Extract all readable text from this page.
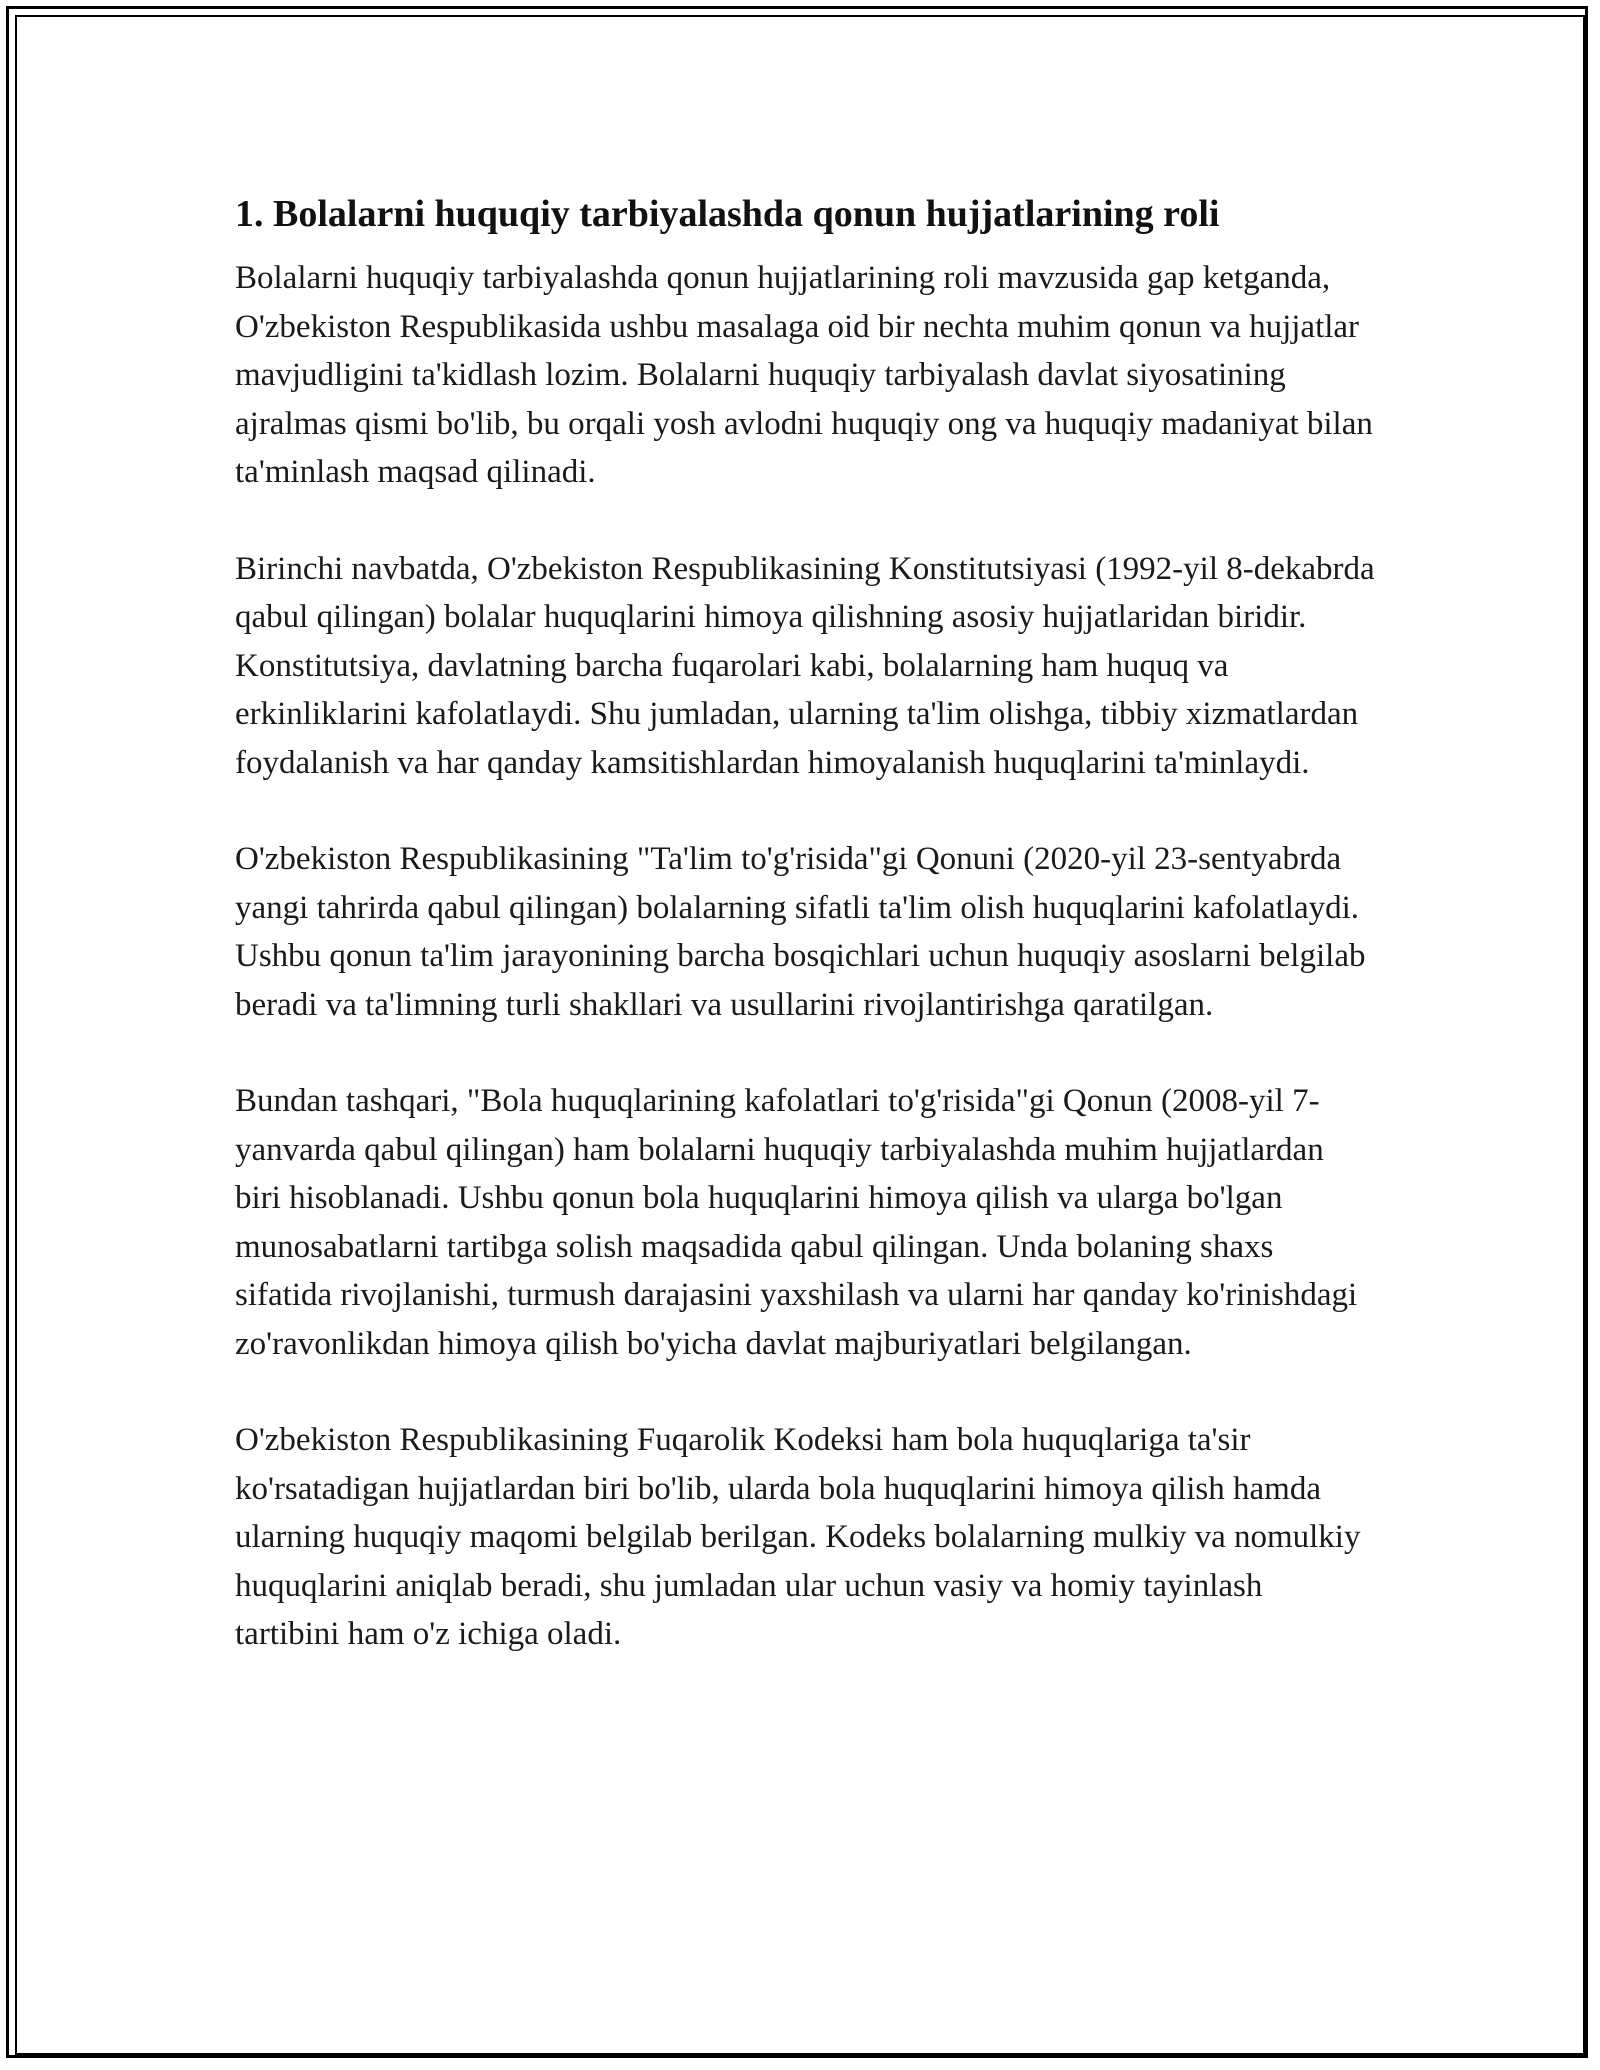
1. Bolalarni huquqiy tarbiyalashda qonun hujjatlarining roli

Bolalarni huquqiy tarbiyalashda qonun hujjatlarining roli mavzusida gap ketganda, O'zbekiston Respublikasida ushbu masalaga oid bir nechta muhim qonun va hujjatlar mavjudligini ta'kidlash lozim. Bolalarni huquqiy tarbiyalash davlat siyosatining ajralmas qismi bo'lib, bu orqali yosh avlodni huquqiy ong va huquqiy madaniyat bilan ta'minlash maqsad qilinadi.

Birinchi navbatda, O'zbekiston Respublikasining Konstitutsiyasi (1992-yil 8-dekabrda qabul qilingan) bolalar huquqlarini himoya qilishning asosiy hujjatlaridan biridir. Konstitutsiya, davlatning barcha fuqarolari kabi, bolalarning ham huquq va erkinliklarini kafolatlaydi. Shu jumladan, ularning ta'lim olishga, tibbiy xizmatlardan foydalanish va har qanday kamsitishlardan himoyalanish huquqlarini ta'minlaydi.

O'zbekiston Respublikasining "Ta'lim to'g'risida"gi Qonuni (2020-yil 23-sentyabrda yangi tahrirda qabul qilingan) bolalarning sifatli ta'lim olish huquqlarini kafolatlaydi. Ushbu qonun ta'lim jarayonining barcha bosqichlari uchun huquqiy asoslarni belgilab beradi va ta'limning turli shakllari va usullarini rivojlantirishga qaratilgan.

Bundan tashqari, "Bola huquqlarining kafolatlari to'g'risida"gi Qonun (2008-yil 7-yanvarda qabul qilingan) ham bolalarni huquqiy tarbiyalashda muhim hujjatlardan biri hisoblanadi. Ushbu qonun bola huquqlarini himoya qilish va ularga bo'lgan munosabatlarni tartibga solish maqsadida qabul qilingan. Unda bolaning shaxs sifatida rivojlanishi, turmush darajasini yaxshilash va ularni har qanday ko'rinishdagi zo'ravonlikdan himoya qilish bo'yicha davlat majburiyatlari belgilangan.

O'zbekiston Respublikasining Fuqarolik Kodeksi ham bola huquqlariga ta'sir ko'rsatadigan hujjatlardan biri bo'lib, ularda bola huquqlarini himoya qilish hamda ularning huquqiy maqomi belgilab berilgan. Kodeks bolalarning mulkiy va nomulkiy huquqlarini aniqlab beradi, shu jumladan ular uchun vasiy va homiy tayinlash tartibini ham o'z ichiga oladi.
